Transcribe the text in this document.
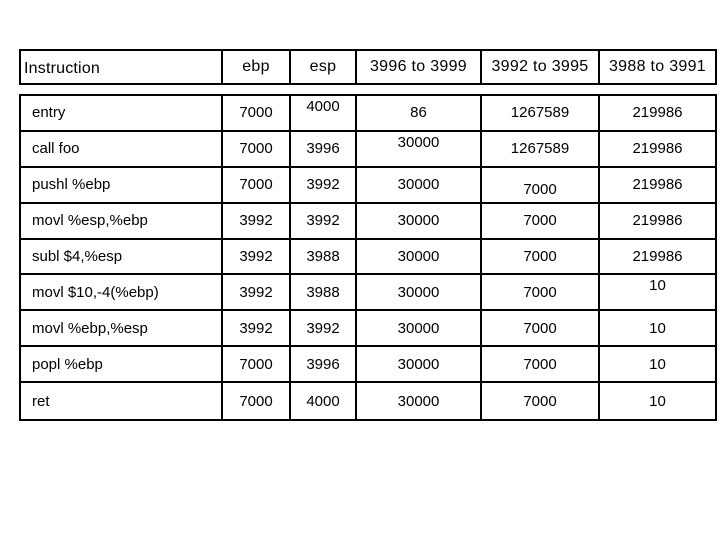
Instruction	ebp	esp	3996 to 3999	3992 to 3995	3988 to 3991
entry	7000	4000	86	1267589	219986
call foo	7000	3996	30000	1267589	219986
pushl %ebp	7000	3992	30000	7000	219986
movl %esp,%ebp	3992	3992	30000	7000	219986
subl $4,%esp	3992	3988	30000	7000	219986
movl $10,-4(%ebp)	3992	3988	30000	7000	10
movl %ebp,%esp	3992	3992	30000	7000	10
popl %ebp	7000	3996	30000	7000	10
ret	7000	4000	30000	7000	10
